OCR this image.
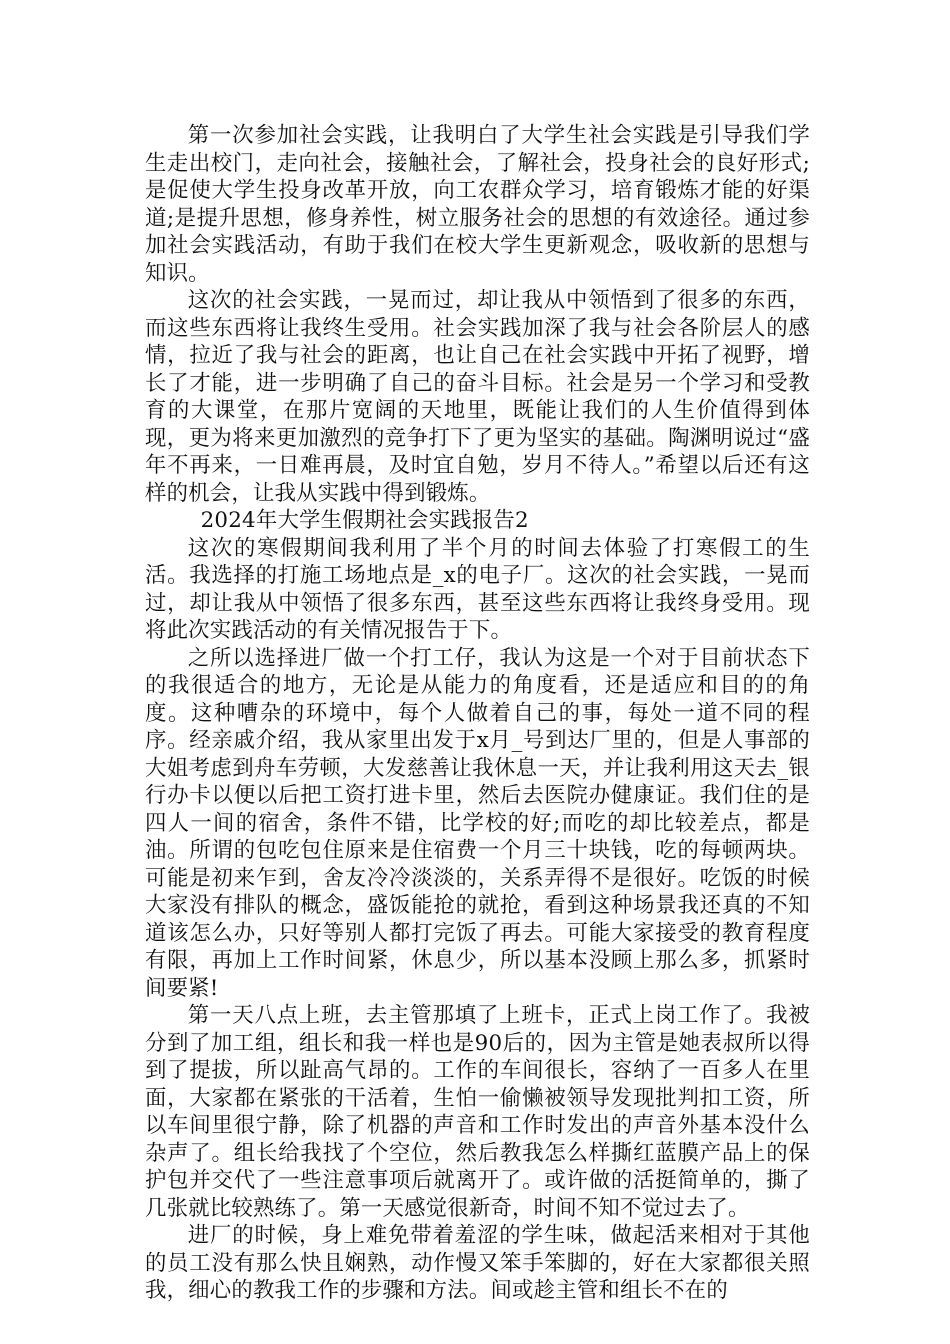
第一次参加社会实践，让我明白了大学生社会实践是引导我们学生走出校门，走向社会，接触社会，了解社会，投身社会的良好形式;是促使大学生投身改革开放，向工农群众学习，培育锻炼才能的好渠道;是提升思想，修身养性，树立服务社会的思想的有效途径。通过参加社会实践活动，有助于我们在校大学生更新观念，吸收新的思想与知识。

这次的社会实践，一晃而过，却让我从中领悟到了很多的东西，而这些东西将让我终生受用。社会实践加深了我与社会各阶层人的感情，拉近了我与社会的距离，也让自己在社会实践中开拓了视野，增长了才能，进一步明确了自己的奋斗目标。社会是另一个学习和受教育的大课堂，在那片宽阔的天地里，既能让我们的人生价值得到体现，更为将来更加激烈的竞争打下了更为坚实的基础。陶渊明说过“盛年不再来，一日难再晨，及时宜自勉，岁月不待人。”希望以后还有这样的机会，让我从实践中得到锻炼。

2024年大学生假期社会实践报告2

这次的寒假期间我利用了半个月的时间去体验了打寒假工的生活。我选择的打施工场地点是_x的电子厂。这次的社会实践，一晃而过，却让我从中领悟了很多东西，甚至这些东西将让我终身受用。现将此次实践活动的有关情况报告于下。

之所以选择进厂做一个打工仔，我认为这是一个对于目前状态下的我很适合的地方，无论是从能力的角度看，还是适应和目的的角度。这种嘈杂的环境中，每个人做着自己的事，每处一道不同的程序。经亲戚介绍，我从家里出发于x月_号到达厂里的，但是人事部的大姐考虑到舟车劳顿，大发慈善让我休息一天，并让我利用这天去_银行办卡以便以后把工资打进卡里，然后去医院办健康证。我们住的是四人一间的宿舍，条件不错，比学校的好;而吃的却比较差点，都是油。所谓的包吃包住原来是住宿费一个月三十块钱，吃的每顿两块。可能是初来乍到，舍友冷冷淡淡的，关系弄得不是很好。吃饭的时候大家没有排队的概念，盛饭能抢的就抢，看到这种场景我还真的不知道该怎么办，只好等别人都打完饭了再去。可能大家接受的教育程度有限，再加上工作时间紧，休息少，所以基本没顾上那么多，抓紧时间要紧!

第一天八点上班，去主管那填了上班卡，正式上岗工作了。我被分到了加工组，组长和我一样也是90后的，因为主管是她表叔所以得到了提拔，所以趾高气昂的。工作的车间很长，容纳了一百多人在里面，大家都在紧张的干活着，生怕一偷懒被领导发现批判扣工资，所以车间里很宁静，除了机器的声音和工作时发出的声音外基本没什么杂声了。组长给我找了个空位，然后教我怎么样撕红蓝膜产品上的保护包并交代了一些注意事项后就离开了。或许做的活挺简单的，撕了几张就比较熟练了。第一天感觉很新奇，时间不知不觉过去了。

进厂的时候，身上难免带着羞涩的学生味，做起活来相对于其他的员工没有那么快且娴熟，动作慢又笨手笨脚的，好在大家都很关照我，细心的教我工作的步骤和方法。间或趁主管和组长不在的
